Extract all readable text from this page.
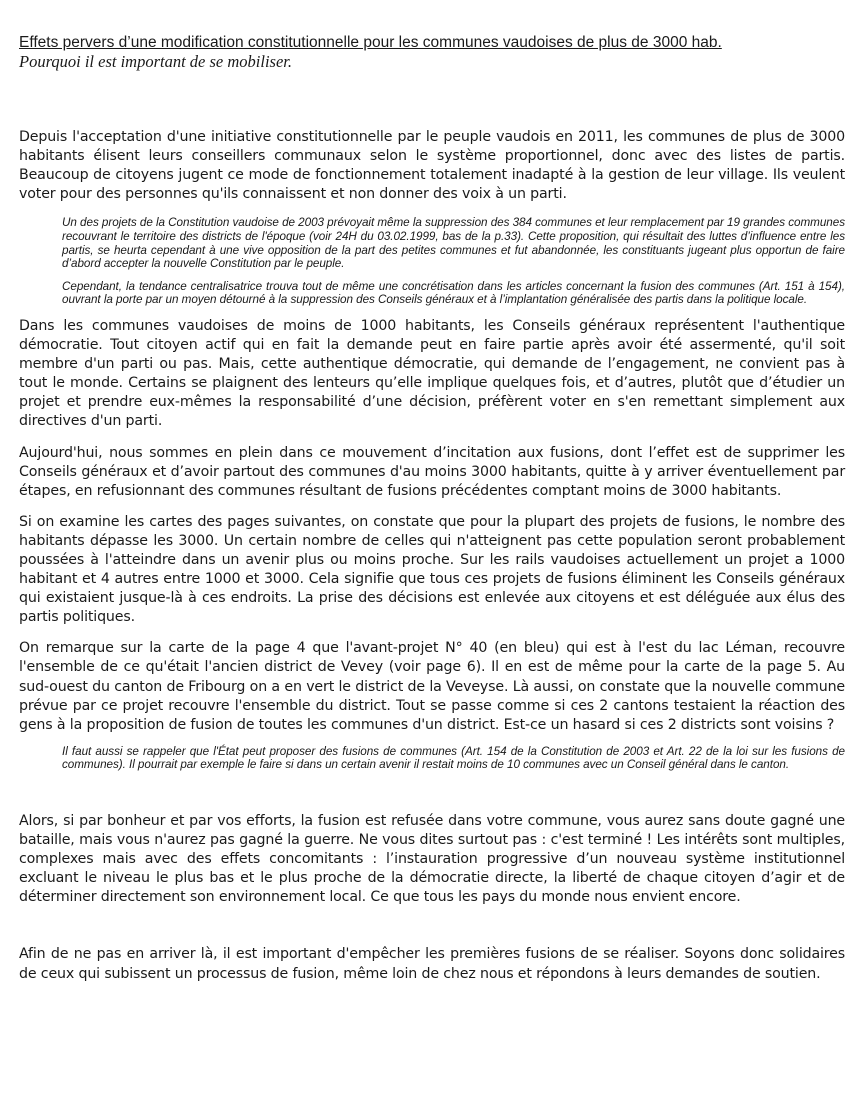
Effets pervers d’une modification constitutionnelle pour les communes vaudoises de plus de 3000 hab.

Pourquoi il est important de se mobiliser.

Depuis l'acceptation d'une initiative constitutionnelle par le peuple vaudois en 2011, les communes de plus de 3000 habitants élisent leurs conseillers communaux selon le système proportionnel, donc avec des listes de partis. Beaucoup de citoyens jugent ce mode de fonctionnement totalement inadapté à la gestion de leur village. Ils veulent voter pour des personnes qu'ils connaissent et non donner des voix à un parti.

Un des projets de la Constitution vaudoise de 2003 prévoyait même la suppression des 384 communes et leur remplacement par 19 grandes communes recouvrant le territoire des districts de l'époque (voir 24H du 03.02.1999, bas de la p.33). Cette proposition, qui résultait des luttes d’influence entre les partis, se heurta cependant à une vive opposition de la part des petites communes et fut abandonnée, les constituants jugeant plus opportun de faire d’abord accepter la nouvelle Constitution par le peuple.

Cependant, la tendance centralisatrice trouva tout de même une concrétisation dans les articles concernant la fusion des communes (Art. 151 à 154), ouvrant la porte par un moyen détourné à la suppression des Conseils généraux et à l’implantation généralisée des partis dans la politique locale.

Dans les communes vaudoises de moins de 1000 habitants, les Conseils généraux représentent l'authentique démocratie. Tout citoyen actif qui en fait la demande peut en faire partie après avoir été assermenté, qu'il soit membre d'un parti ou pas. Mais, cette authentique démocratie, qui demande de l’engagement, ne convient pas à tout le monde. Certains se plaignent des lenteurs qu’elle implique quelques fois, et d’autres, plutôt que d’étudier un projet et prendre eux-mêmes la responsabilité d’une décision, préfèrent voter en s'en remettant simplement aux directives d'un parti.

Aujourd'hui, nous sommes en plein dans ce mouvement d’incitation aux fusions, dont l’effet est de supprimer les Conseils généraux et d’avoir partout des communes d'au moins 3000 habitants, quitte à y arriver éventuellement par étapes, en refusionnant des communes résultant de fusions précédentes comptant moins de 3000 habitants.

Si on examine les cartes des pages suivantes, on constate que pour la plupart des projets de fusions, le nombre des habitants dépasse les 3000. Un certain nombre de celles qui n'atteignent pas cette population seront probablement poussées à l'atteindre dans un avenir plus ou moins proche. Sur les rails vaudoises actuellement un projet a 1000 habitant et 4 autres entre 1000 et 3000. Cela signifie que tous ces projets de fusions éliminent les Conseils généraux qui existaient jusque-là à ces endroits. La prise des décisions est enlevée aux citoyens et est déléguée aux élus des partis politiques.

On remarque sur la carte de la page 4 que l'avant-projet N° 40 (en bleu) qui est à l'est du lac Léman, recouvre l'ensemble de ce qu'était l'ancien district de Vevey (voir page 6). Il en est de même pour la carte de la page 5. Au sud-ouest du canton de Fribourg on a en vert le district de la Veveyse. Là aussi, on constate que la nouvelle commune prévue par ce projet recouvre l'ensemble du district. Tout se passe comme si ces 2 cantons testaient la réaction des gens à la proposition de fusion de toutes les communes d'un district. Est-ce un hasard si ces 2 districts sont voisins ?

Il faut aussi se rappeler que l'État peut proposer des fusions de communes (Art. 154 de la Constitution de 2003 et Art. 22 de la loi sur les fusions de communes). Il pourrait par exemple le faire si dans un certain avenir il restait moins de 10 communes avec un Conseil général dans le canton.

Alors, si par bonheur et par vos efforts, la fusion est refusée dans votre commune, vous aurez sans doute gagné une bataille, mais vous n'aurez pas gagné la guerre. Ne vous dites surtout pas : c'est terminé ! Les intérêts sont multiples, complexes mais avec des effets concomitants : l’instauration progressive d’un nouveau système institutionnel excluant le niveau le plus bas et le plus proche de la démocratie directe, la liberté de chaque citoyen d’agir et de déterminer directement son environnement local. Ce que tous les pays du monde nous envient encore.

Afin de ne pas en arriver là, il est important d'empêcher les premières fusions de se réaliser. Soyons donc solidaires de ceux qui subissent un processus de fusion, même loin de chez nous et répondons à leurs demandes de soutien.
